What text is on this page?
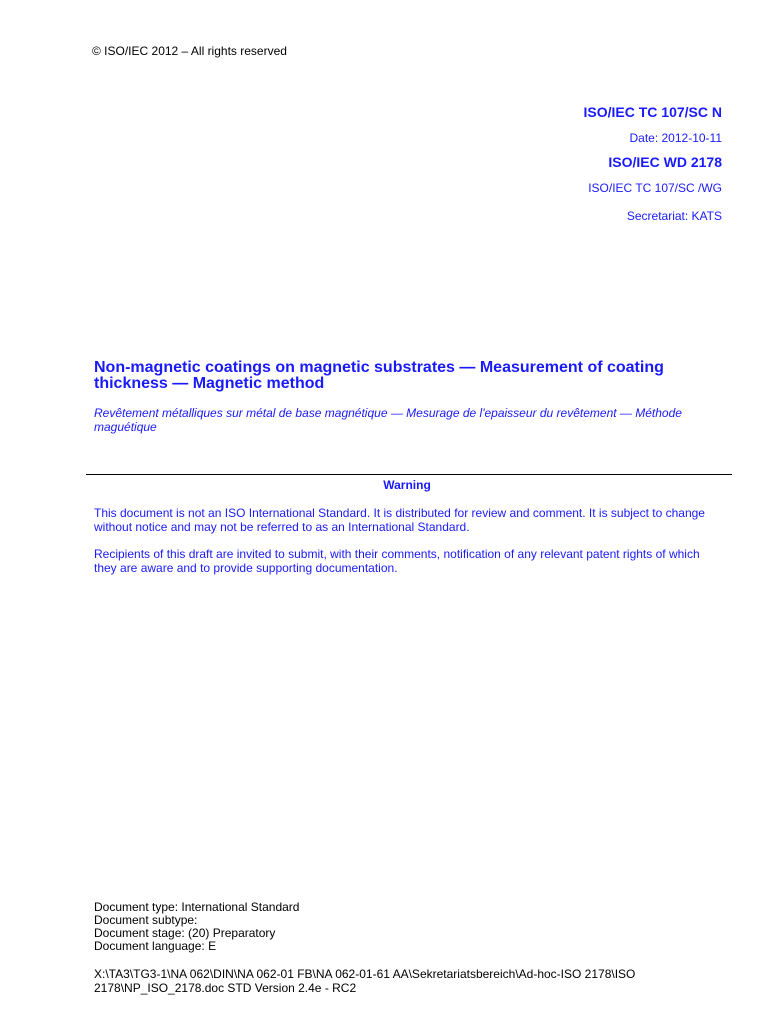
© ISO/IEC 2012 – All rights reserved
ISO/IEC TC 107/SC N
Date: 2012-10-11
ISO/IEC WD 2178
ISO/IEC TC 107/SC /WG
Secretariat: KATS
Non-magnetic coatings on magnetic substrates — Measurement of coating thickness — Magnetic method
Revêtement métalliques sur métal de base magnétique — Mesurage de l'epaisseur du revêtement — Méthode maguétique
Warning

This document is not an ISO International Standard. It is distributed for review and comment. It is subject to change without notice and may not be referred to as an International Standard.

Recipients of this draft are invited to submit, with their comments, notification of any relevant patent rights of which they are aware and to provide supporting documentation.

Document type: International Standard
Document subtype:
Document stage: (20) Preparatory
Document language: E
X:\TA3\TG3-1\NA 062\DIN\NA 062-01 FB\NA 062-01-61 AA\Sekretariatsbereich\Ad-hoc-ISO 2178\ISO 2178\NP_ISO_2178.doc STD Version 2.4e - RC2
